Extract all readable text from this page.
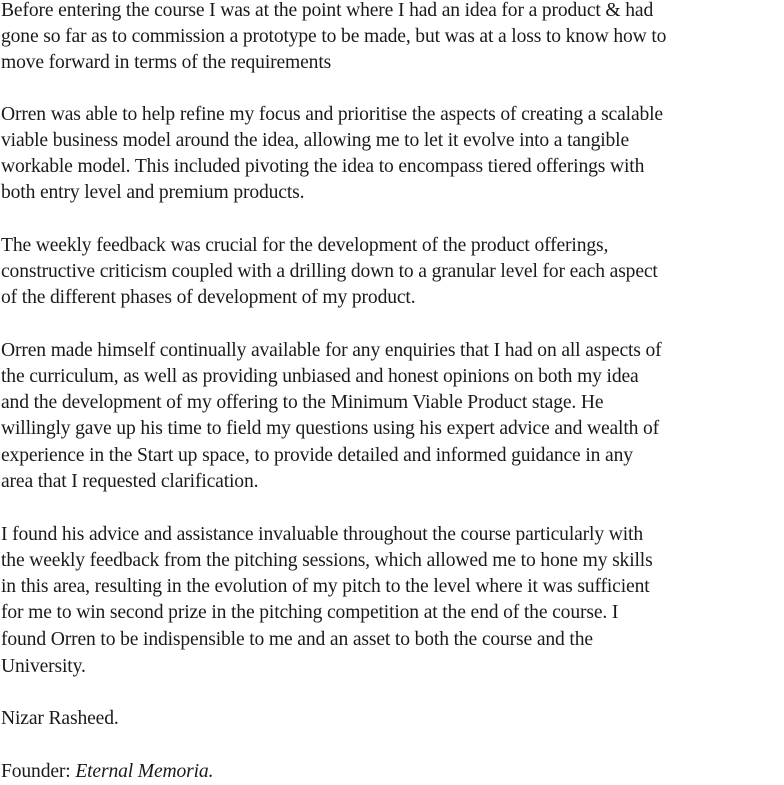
Before entering the course I was at the point where I had an idea for a product & had
gone so far as to commission a prototype to be made, but was at a loss to know how to
move forward in terms of the requirements

Orren was able to help refine my focus and prioritise the aspects of creating a scalable
viable business model around the idea, allowing me to let it evolve into a tangible
workable model. This included pivoting the idea to encompass tiered offerings with
both entry level and premium products.

The weekly feedback was crucial for the development of the product offerings,
constructive criticism coupled with a drilling down to a granular level for each aspect
of the different phases of development of my product.

Orren made himself continually available for any enquiries that I had on all aspects of
the curriculum, as well as providing unbiased and honest opinions on both my idea
and the development of my offering to the Minimum Viable Product stage. He
willingly gave up his time to field my questions using his expert advice and wealth of
experience in the Start up space, to provide detailed and informed guidance in any
area that I requested clarification.

I found his advice and assistance invaluable throughout the course particularly with
the weekly feedback from the pitching sessions, which allowed me to hone my skills
in this area, resulting in the evolution of my pitch to the level where it was sufficient
for me to win second prize in the pitching competition at the end of the course. I
found Orren to be indispensible to me and an asset to both the course and the
University.

Nizar Rasheed.

Founder: Eternal Memoria.
